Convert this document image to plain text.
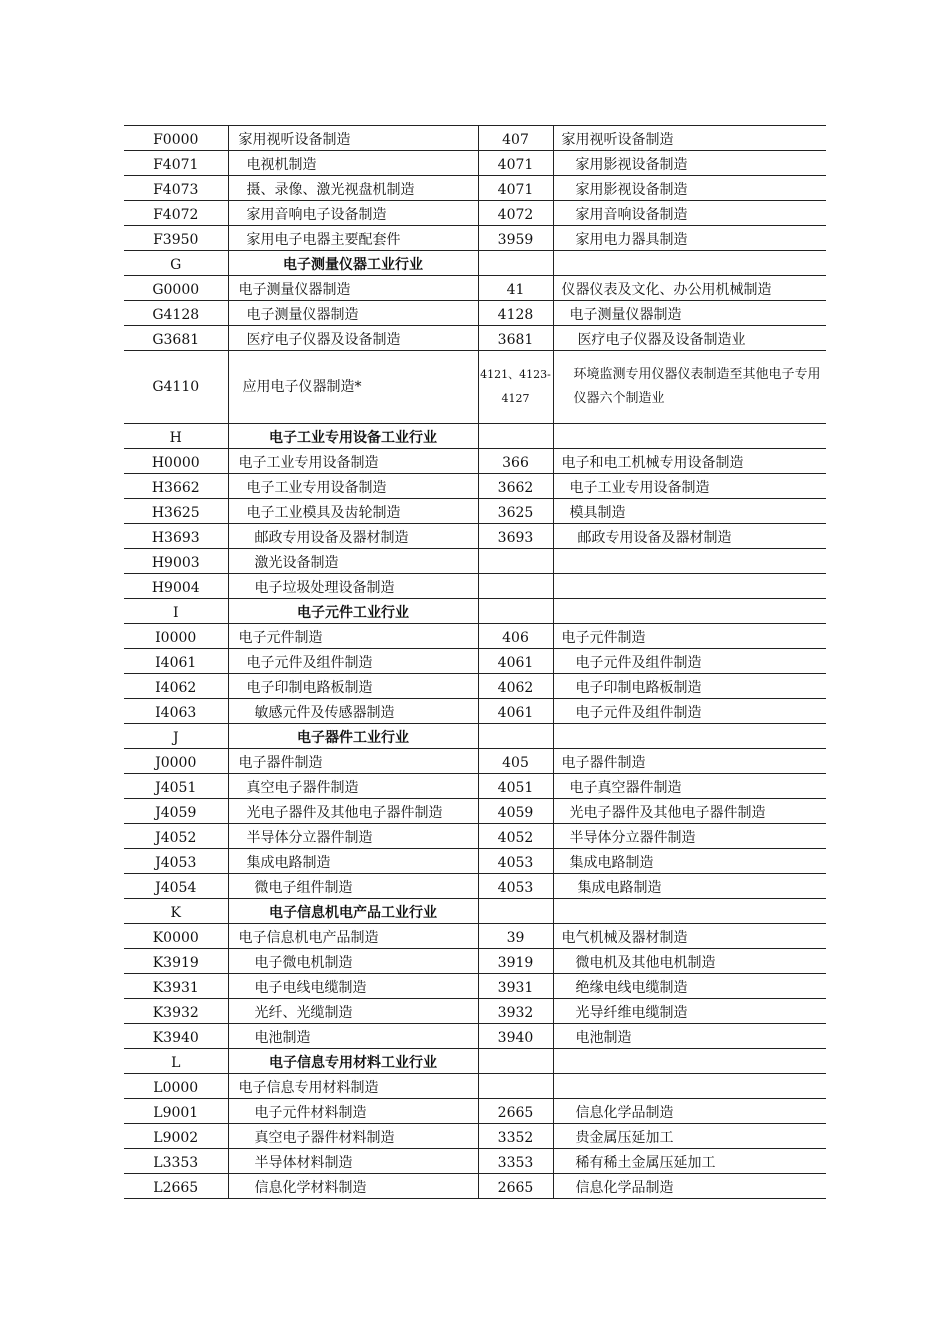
F0000	家用视听设备制造	407	家用视听设备制造
F4071	电视机制造	4071	家用影视设备制造
F4073	摄、录像、激光视盘机制造	4071	家用影视设备制造
F4072	家用音响电子设备制造	4072	家用音响设备制造
F3950	家用电子电器主要配套件	3959	家用电力器具制造
G	电子测量仪器工业行业		
G0000	电子测量仪器制造	41	仪器仪表及文化、办公用机械制造
G4128	电子测量仪器制造	4128	电子测量仪器制造
G3681	医疗电子仪器及设备制造	3681	医疗电子仪器及设备制造业
G4110	应用电子仪器制造*	4121、4123-4127	环境监测专用仪器仪表制造至其他电子专用仪器六个制造业
H	电子工业专用设备工业行业		
H0000	电子工业专用设备制造	366	电子和电工机械专用设备制造
H3662	电子工业专用设备制造	3662	电子工业专用设备制造
H3625	电子工业模具及齿轮制造	3625	模具制造
H3693	邮政专用设备及器材制造	3693	邮政专用设备及器材制造
H9003	激光设备制造		
H9004	电子垃圾处理设备制造		
I	电子元件工业行业		
I0000	电子元件制造	406	电子元件制造
I4061	电子元件及组件制造	4061	电子元件及组件制造
I4062	电子印制电路板制造	4062	电子印制电路板制造
I4063	敏感元件及传感器制造	4061	电子元件及组件制造
J	电子器件工业行业		
J0000	电子器件制造	405	电子器件制造
J4051	真空电子器件制造	4051	电子真空器件制造
J4059	光电子器件及其他电子器件制造	4059	光电子器件及其他电子器件制造
J4052	半导体分立器件制造	4052	半导体分立器件制造
J4053	集成电路制造	4053	集成电路制造
J4054	微电子组件制造	4053	集成电路制造
K	电子信息机电产品工业行业		
K0000	电子信息机电产品制造	39	电气机械及器材制造
K3919	电子微电机制造	3919	微电机及其他电机制造
K3931	电子电线电缆制造	3931	绝缘电线电缆制造
K3932	光纤、光缆制造	3932	光导纤维电缆制造
K3940	电池制造	3940	电池制造
L	电子信息专用材料工业行业		
L0000	电子信息专用材料制造		
L9001	电子元件材料制造	2665	信息化学品制造
L9002	真空电子器件材料制造	3352	贵金属压延加工
L3353	半导体材料制造	3353	稀有稀土金属压延加工
L2665	信息化学材料制造	2665	信息化学品制造
